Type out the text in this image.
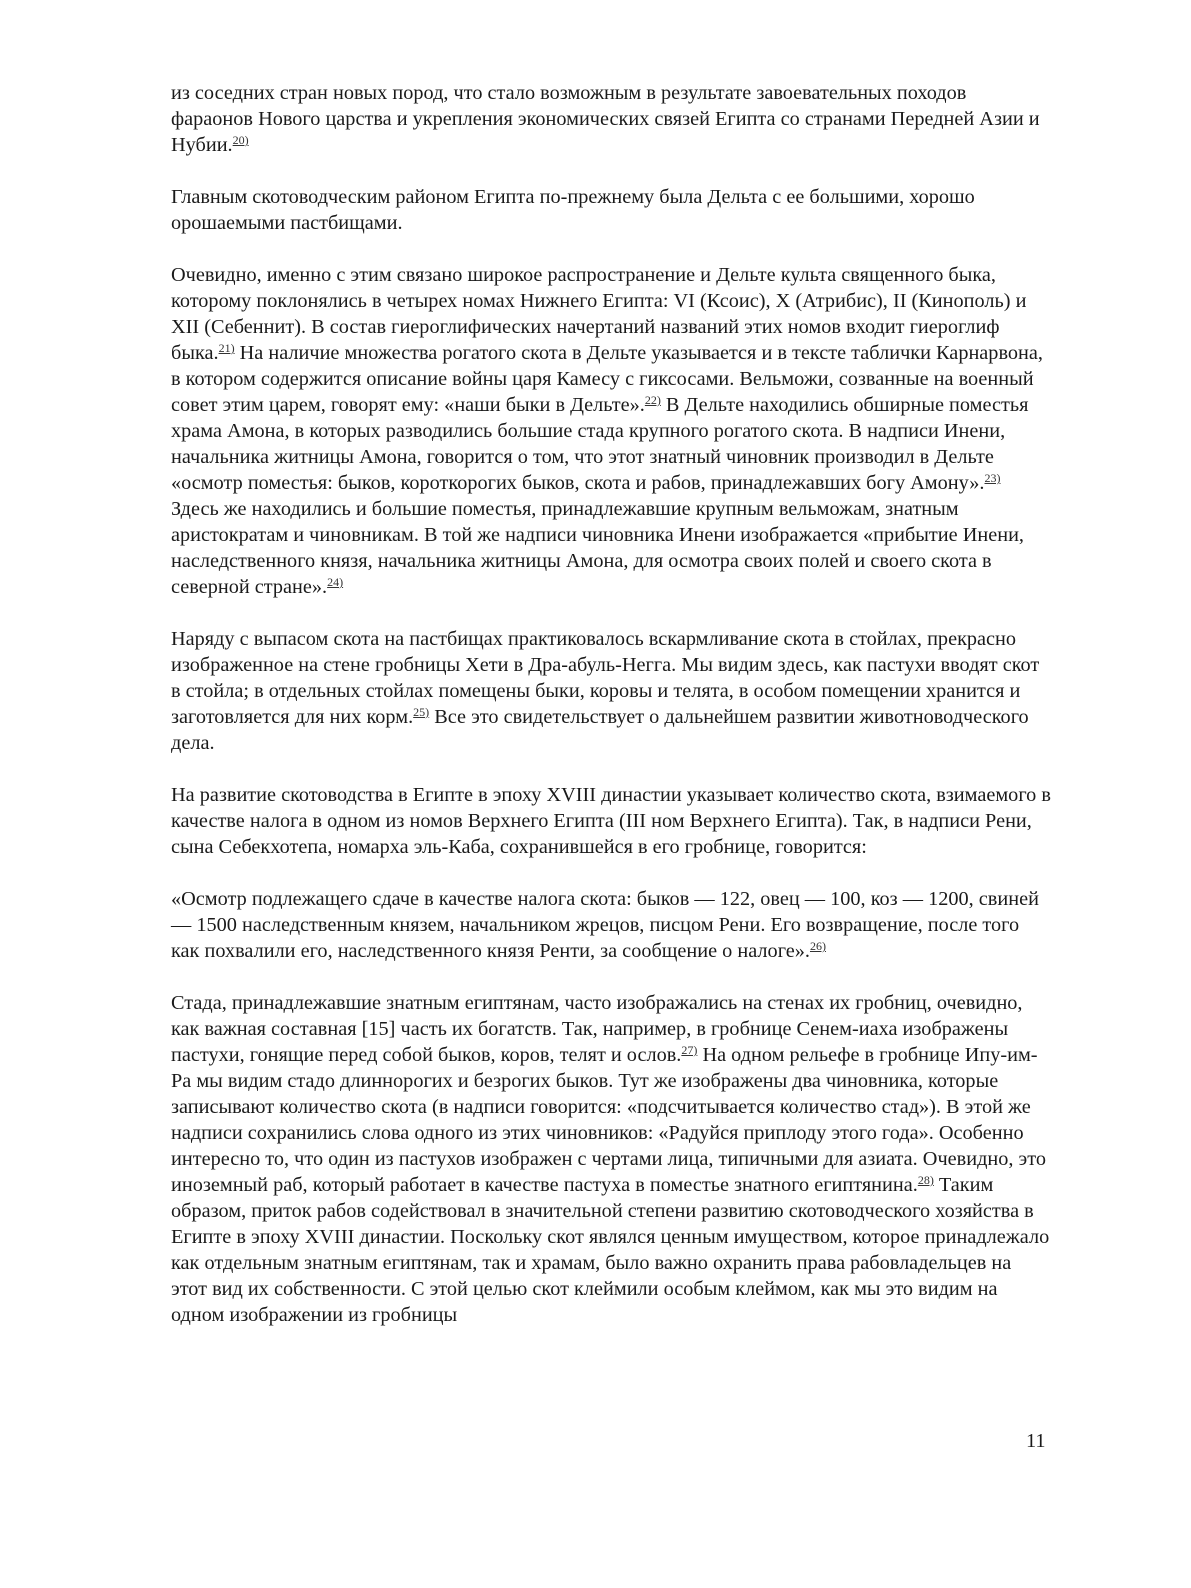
из соседних стран новых пород, что стало возможным в результате завоевательных походов фараонов Нового царства и укрепления экономических связей Египта со странами Передней Азии и Нубии.$^{20)}$

Главным скотоводческим районом Египта по-прежнему была Дельта с ее большими, хорошо орошаемыми пастбищами.

Очевидно, именно с этим связано широкое распространение и Дельте культа священного быка, которому поклонялись в четырех номах Нижнего Египта: VI (Ксоис), X (Атрибис), II (Кинополь) и XII (Себеннит). В состав гиероглифических начертаний названий этих номов входит гиероглиф быка.$^{21)}$ На наличие множества рогатого скота в Дельте указывается и в тексте таблички Карнарвона, в котором содержится описание войны царя Камесу с гиксосами. Вельможи, созванные на военный совет этим царем, говорят ему: «наши быки в Дельте».$^{22)}$ В Дельте находились обширные поместья храма Амона, в которых разводились большие стада крупного рогатого скота. В надписи Инени, начальника житницы Амона, говорится о том, что этот знатный чиновник производил в Дельте «осмотр поместья: быков, короткорогих быков, скота и рабов, принадлежавших богу Амону».$^{23)}$ Здесь же находились и большие поместья, принадлежавшие крупным вельможам, знатным аристократам и чиновникам. В той же надписи чиновника Инени изображается «прибытие Инени, наследственного князя, начальника житницы Амона, для осмотра своих полей и своего скота в северной стране».$^{24)}$

Наряду с выпасом скота на пастбищах практиковалось вскармливание скота в стойлах, прекрасно изображенное на стене гробницы Хети в Дра-абуль-Негга. Мы видим здесь, как пастухи вводят скот в стойла; в отдельных стойлах помещены быки, коровы и телята, в особом помещении хранится и заготовляется для них корм.$^{25)}$ Все это свидетельствует о дальнейшем развитии животноводческого дела.

На развитие скотоводства в Египте в эпоху XVIII династии указывает количество скота, взимаемого в качестве налога в одном из номов Верхнего Египта (III ном Верхнего Египта). Так, в надписи Рени, сына Себекхотепа, номарха эль-Каба, сохранившейся в его гробнице, говорится:

«Осмотр подлежащего сдаче в качестве налога скота: быков — 122, овец — 100, коз — 1200, свиней — 1500 наследственным князем, начальником жрецов, писцом Рени. Его возвращение, после того как похвалили его, наследственного князя Ренти, за сообщение о налоге».$^{26)}$

Стада, принадлежавшие знатным египтянам, часто изображались на стенах их гробниц, очевидно, как важная составная [15] часть их богатств. Так, например, в гробнице Сенем-иаха изображены пастухи, гонящие перед собой быков, коров, телят и ослов.$^{27)}$ На одном рельефе в гробнице Ипу-им-Ра мы видим стадо длиннорогих и безрогих быков. Тут же изображены два чиновника, которые записывают количество скота (в надписи говорится: «подсчитывается количество стад»). В этой же надписи сохранились слова одного из этих чиновников: «Радуйся приплоду этого года». Особенно интересно то, что один из пастухов изображен с чертами лица, типичными для азиата. Очевидно, это иноземный раб, который работает в качестве пастуха в поместье знатного египтянина.$^{28)}$ Таким образом, приток рабов содействовал в значительной степени развитию скотоводческого хозяйства в Египте в эпоху XVIII династии. Поскольку скот являлся ценным имуществом, которое принадлежало как отдельным знатным египтянам, так и храмам, было важно охранить права рабовладельцев на этот вид их собственности. С этой целью скот клеймили особым клеймом, как мы это видим на одном изображении из гробницы

11
